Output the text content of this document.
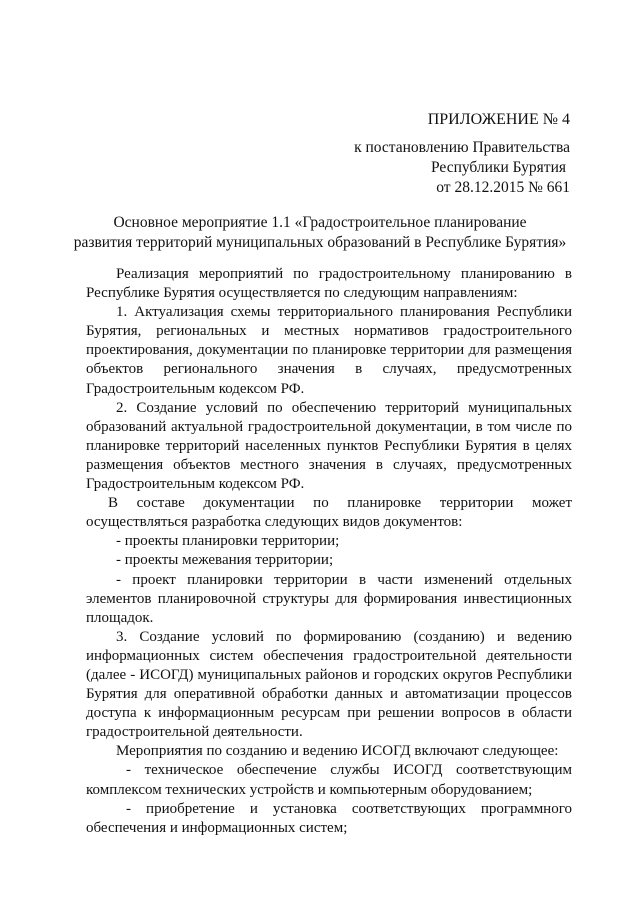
ПРИЛОЖЕНИЕ № 4
к постановлению Правительства
Республики Бурятия
от 28.12.2015 № 661
Основное мероприятие 1.1 «Градостроительное планирование
развития территорий муниципальных образований в Республике Бурятия»

Реализация мероприятий по градостроительному планированию в Республике Бурятия осуществляется по следующим направлениям:

1. Актуализация схемы территориального планирования Республики Бурятия, региональных и местных нормативов градостроительного проектирования, документации по планировке территории для размещения объектов регионального значения в случаях, предусмотренных Градостроительным кодексом РФ.

2. Создание условий по обеспечению территорий муниципальных образований актуальной градостроительной документации, в том числе по планировке территорий населенных пунктов Республики Бурятия в целях размещения объектов местного значения в случаях, предусмотренных Градостроительным кодексом РФ.

В составе документации по планировке территории может осуществляться разработка следующих видов документов:

- проекты планировки территории;

- проекты межевания территории;

- проект планировки территории в части изменений отдельных элементов планировочной структуры для формирования инвестиционных площадок.

3. Создание условий по формированию (созданию) и ведению информационных систем обеспечения градостроительной деятельности (далее - ИСОГД) муниципальных районов и городских округов Республики Бурятия для оперативной обработки данных и автоматизации процессов доступа к информационным ресурсам при решении вопросов в области градостроительной деятельности.

Мероприятия по созданию и ведению ИСОГД включают следующее:

- техническое обеспечение службы ИСОГД соответствующим комплексом технических устройств и компьютерным оборудованием;

- приобретение и установка соответствующих программного обеспечения и информационных систем;
